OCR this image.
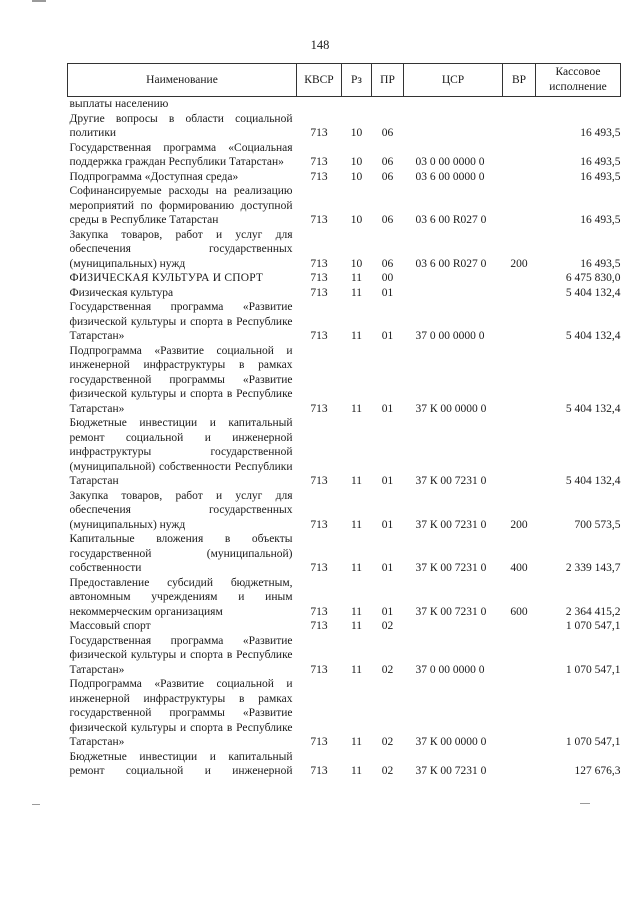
148
Наименование	КВСР	Рз	ПР	ЦСР	ВР	Кассовое
исполнение
выплаты населению						
Другие вопросы в области социальной политики	713	10	06			16 493,5
Государственная программа «Социальная поддержка граждан Республики Татарстан»	713	10	06	03 0 00 0000 0		16 493,5
Подпрограмма «Доступная среда»	713	10	06	03 6 00 0000 0		16 493,5
Софинансируемые расходы на реализацию мероприятий по формированию доступной среды в Республике Татарстан	713	10	06	03 6 00 R027 0		16 493,5
Закупка товаров, работ и услуг для обеспечения государственных (муниципальных) нужд	713	10	06	03 6 00 R027 0	200	16 493,5
ФИЗИЧЕСКАЯ КУЛЬТУРА И СПОРТ	713	11	00			6 475 830,0
Физическая культура	713	11	01			5 404 132,4
Государственная программа «Развитие физической культуры и спорта в Республике Татарстан»	713	11	01	37 0 00 0000 0		5 404 132,4
Подпрограмма «Развитие социальной и инженерной инфраструктуры в рамках государственной программы «Развитие физической культуры и спорта в Республике Татарстан»	713	11	01	37 К 00 0000 0		5 404 132,4
Бюджетные инвестиции и капитальный ремонт социальной и инженерной инфраструктуры государственной (муниципальной) собственности Республики Татарстан	713	11	01	37 К 00 7231 0		5 404 132,4
Закупка товаров, работ и услуг для обеспечения государственных (муниципальных) нужд	713	11	01	37 К 00 7231 0	200	700 573,5
Капитальные вложения в объекты государственной (муниципальной) собственности	713	11	01	37 К 00 7231 0	400	2 339 143,7
Предоставление субсидий бюджетным, автономным учреждениям и иным некоммерческим организациям	713	11	01	37 К 00 7231 0	600	2 364 415,2
Массовый спорт	713	11	02			1 070 547,1
Государственная программа «Развитие физической культуры и спорта в Республике Татарстан»	713	11	02	37 0 00 0000 0		1 070 547,1
Подпрограмма «Развитие социальной и инженерной инфраструктуры в рамках государственной программы «Развитие физической культуры и спорта в Республике Татарстан»	713	11	02	37 К 00 0000 0		1 070 547,1
Бюджетные инвестиции и капитальный ремонт социальной и инженерной	713	11	02	37 К 00 7231 0		127 676,3
